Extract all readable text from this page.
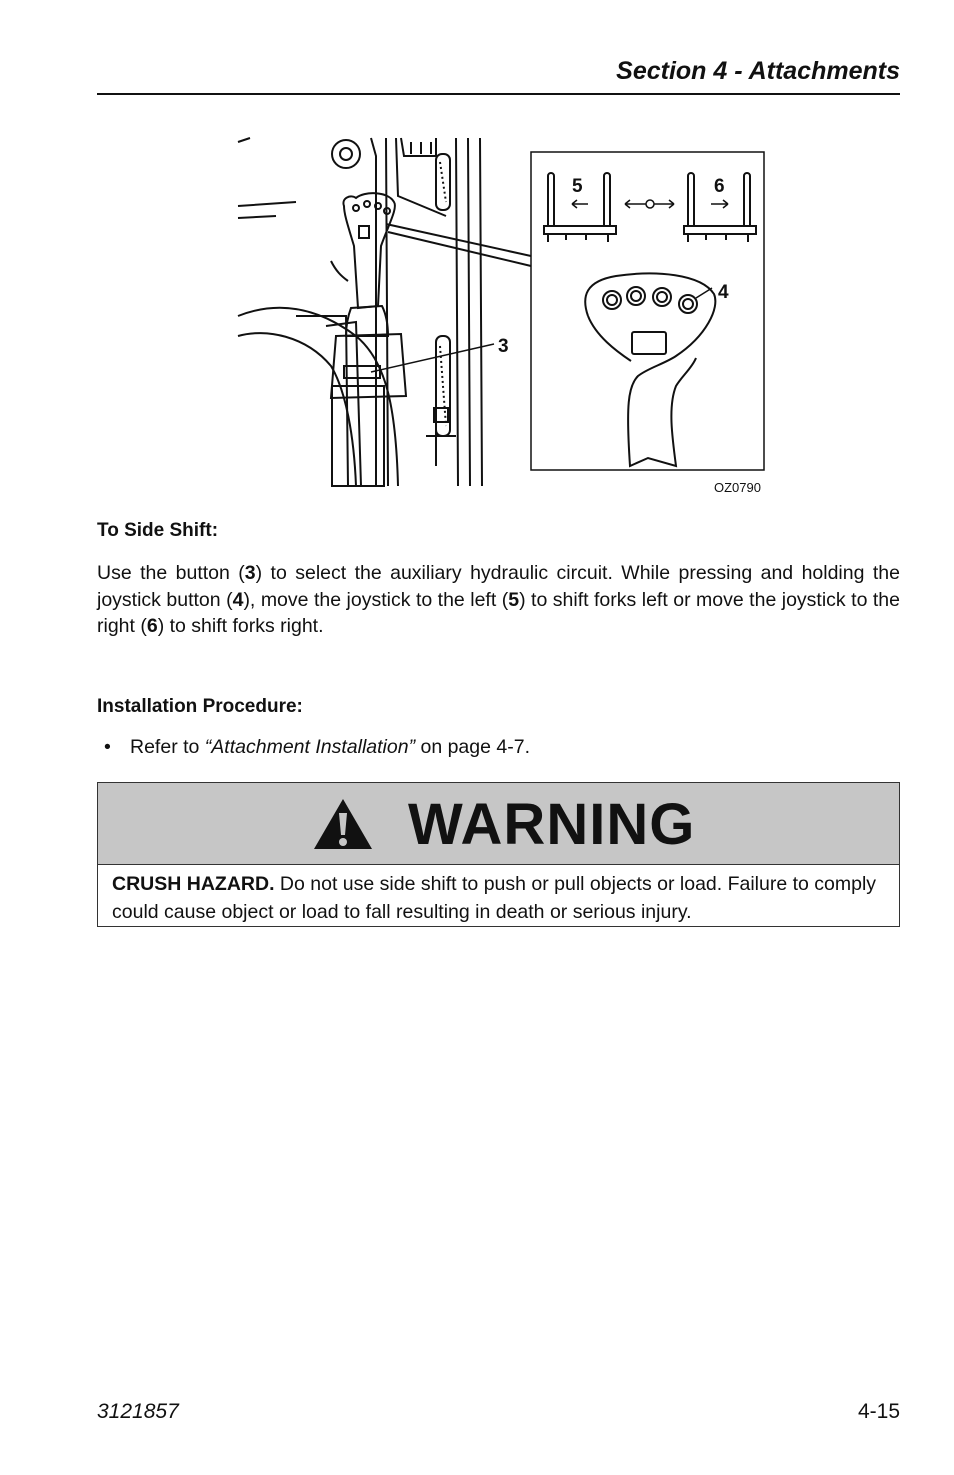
Section 4 - Attachments
3
4
5	6
OZ0790
To Side Shift:
Use the button (3) to select the auxiliary hydraulic circuit. While pressing and holding the joystick button (4), move the joystick to the left (5) to shift forks left or move the joystick to the right (6) to shift forks right.
Installation Procedure:
• Refer to “Attachment Installation” on page 4-7.
WARNING
CRUSH HAZARD. Do not use side shift to push or pull objects or load. Failure to comply could cause object or load to fall resulting in death or serious injury.
3121857	4-15
